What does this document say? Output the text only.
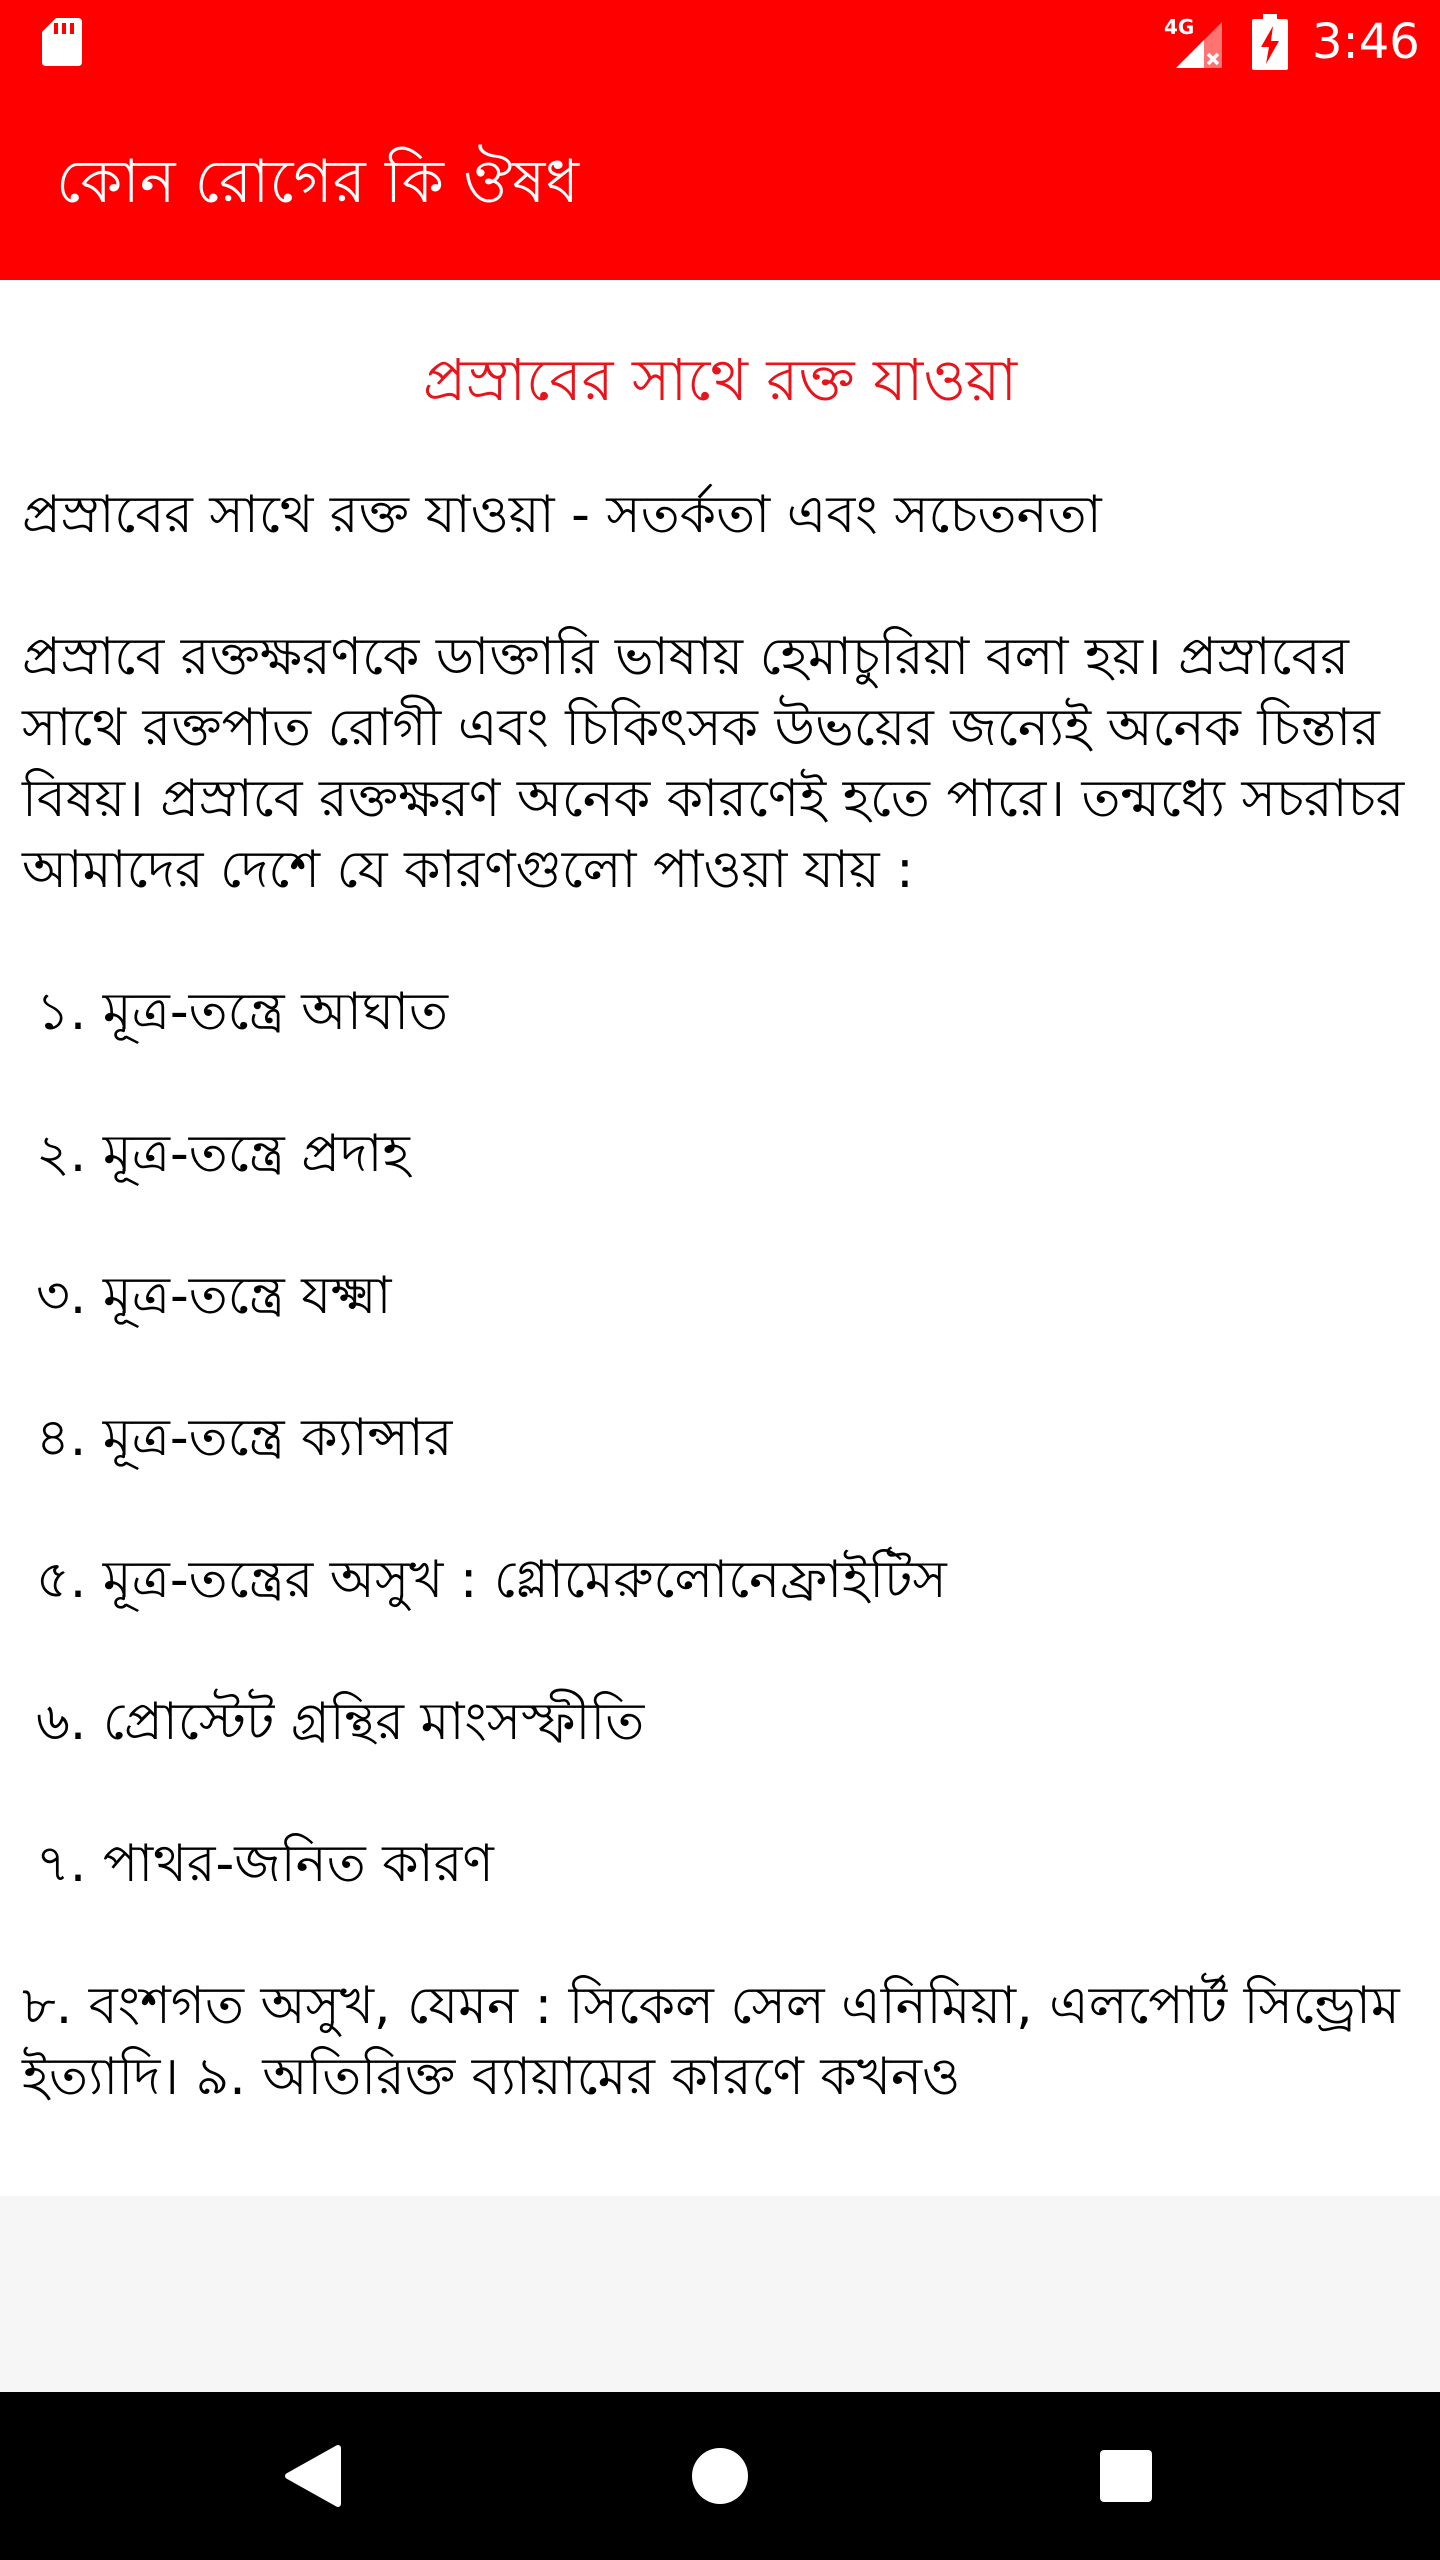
4G 3:46
কোন রোগের কি ঔষধ
প্রস্রাবের সাথে রক্ত যাওয়া

প্রস্রাবের সাথে রক্ত যাওয়া - সতর্কতা এবং সচেতনতা

প্রস্রাবে রক্তক্ষরণকে ডাক্তারি ভাষায় হেমাচুরিয়া বলা হয়। প্রস্রাবের সাথে রক্তপাত রোগী এবং চিকিৎসক উভয়ের জন্যেই অনেক চিন্তার বিষয়। প্রস্রাবে রক্তক্ষরণ অনেক কারণেই হতে পারে। তন্মধ্যে সচরাচর আমাদের দেশে যে কারণগুলো পাওয়া যায় :

১. মূত্র-তন্ত্রে আঘাত

২. মূত্র-তন্ত্রে প্রদাহ

৩. মূত্র-তন্ত্রে যক্ষ্মা

৪. মূত্র-তন্ত্রে ক্যান্সার

৫. মূত্র-তন্ত্রের অসুখ : গ্লোমেরুলোনেফ্রাইটিস

৬. প্রোস্টেট গ্রন্থির মাংসস্ফীতি

৭. পাথর-জনিত কারণ

৮. বংশগত অসুখ, যেমন : সিকেল সেল এনিমিয়া, এলপোর্ট সিন্ড্রোম ইত্যাদি। ৯. অতিরিক্ত ব্যায়ামের কারণে কখনও
